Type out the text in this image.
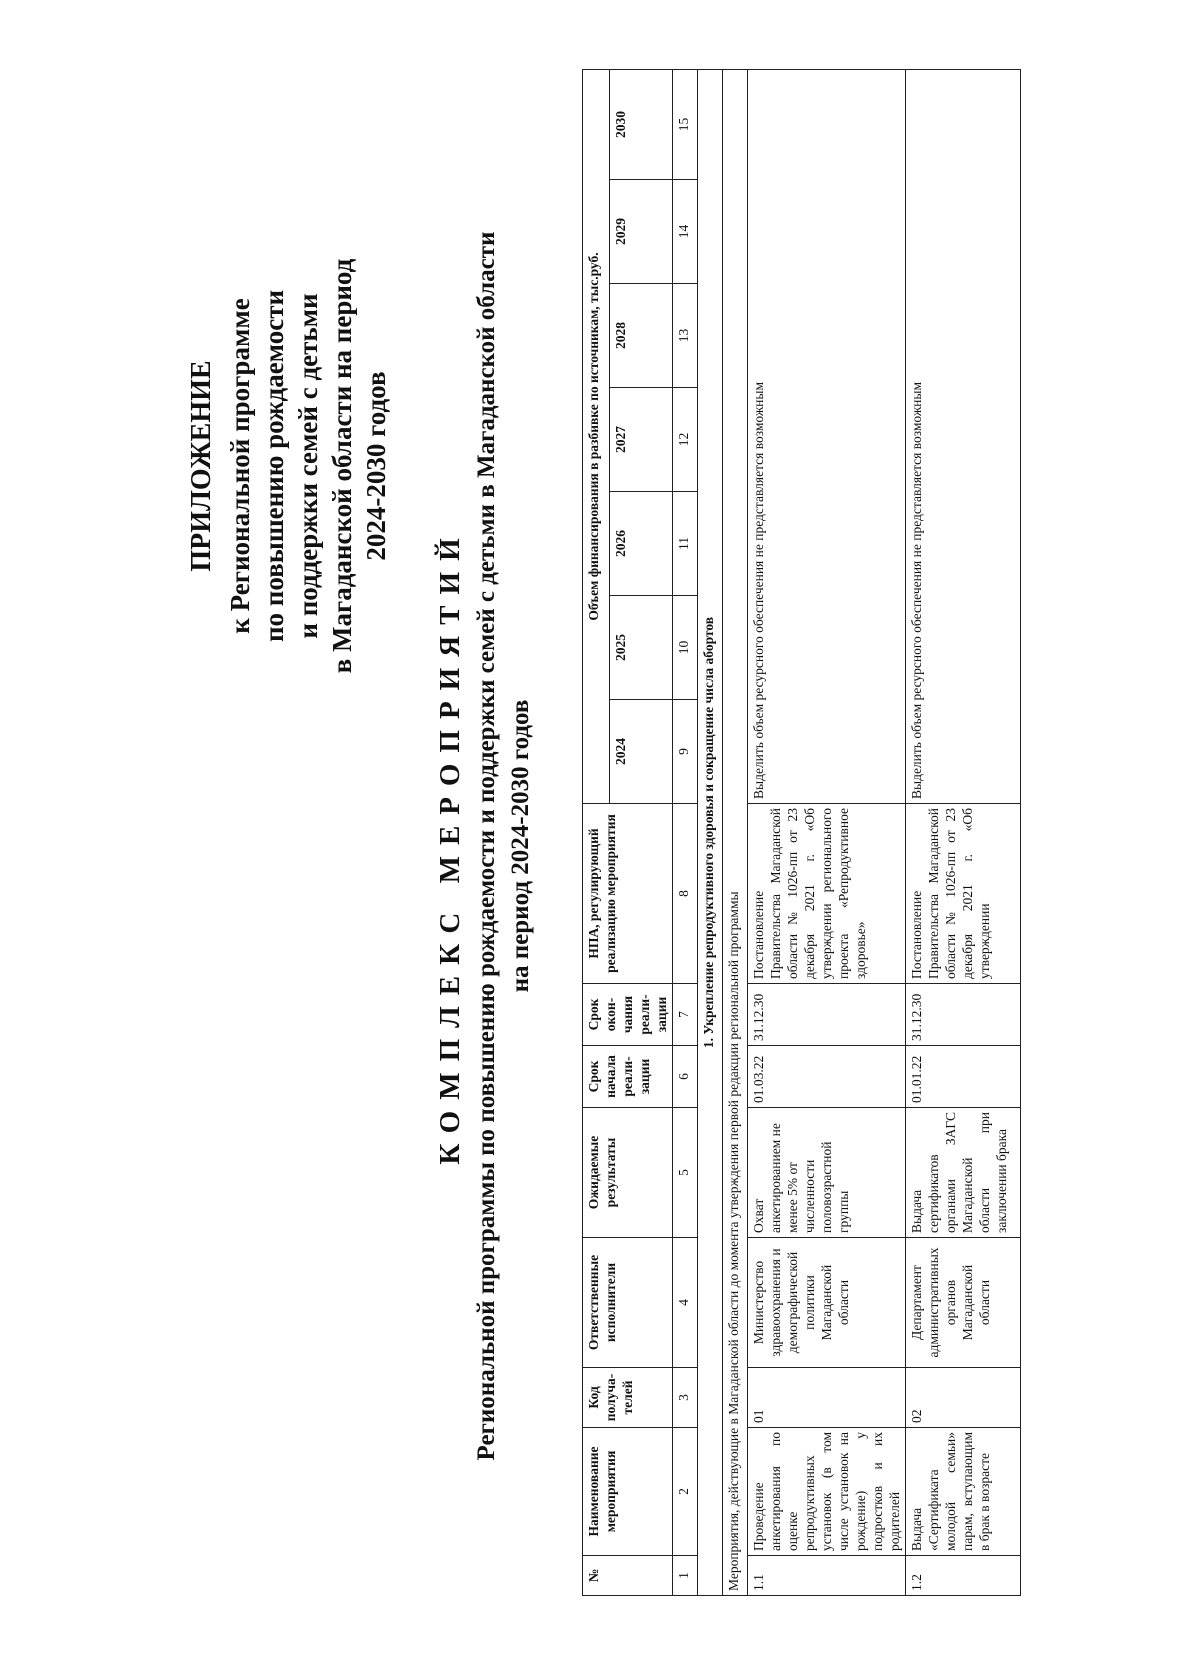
ПРИЛОЖЕНИЕ к Региональной программе по повышению рождаемости и поддержки семей с детьми в Магаданской области на период 2024-2030 годов
КОМПЛЕКС МЕРОПРИЯТИЙ Региональной программы по повышению рождаемости и поддержки семей с детьми в Магаданской области на период 2024-2030 годов
№	Наименование мероприятия	Код получа-телей	Ответственные исполнители	Ожидаемые результаты	Срок начала реали-зации	Срок окон-чания реали-зации	НПА, регулирующий реализацию мероприятия	Объем финансирования в разбивке по источникам, тыс.руб.						
								2024	2025	2026	2027	2028	2029	2030
1	2	3	4	5	6	7	8	9	10	11	12	13	14	15
1. Укрепление репродуктивного здоровья и сокращение числа абортов														
Мероприятия, действующие в Магаданской области до момента утверждения первой редакции региональной программы														
1.1	Проведение анкетирования по оценке репродуктивных установок (в том числе установок на рождение) у подростков и их родителей	01	Министерство здравоохранения и демографической политики Магаданской области	Охват анкетированием не менее 5% от численности половозрастной группы	01.03.22	31.12.30	Постановление Правительства Магаданской области № 1026-пп от 23 декабря 2021 г. «Об утверждении регионального проекта «Репродуктивное здоровье»	Выделить объем ресурсного обеспечения не представляется возможным						
1.2	Выдача «Сертификата молодой семьи» парам, вступающим в брак в возрасте	02	Департамент административных органов Магаданской области	Выдача сертификатов органами ЗАГС Магаданской области при заключении брака	01.01.22	31.12.30	Постановление Правительства Магаданской области № 1026-пп от 23 декабря 2021 г. «Об утверждении	Выделить объем ресурсного обеспечения не представляется возможным						
